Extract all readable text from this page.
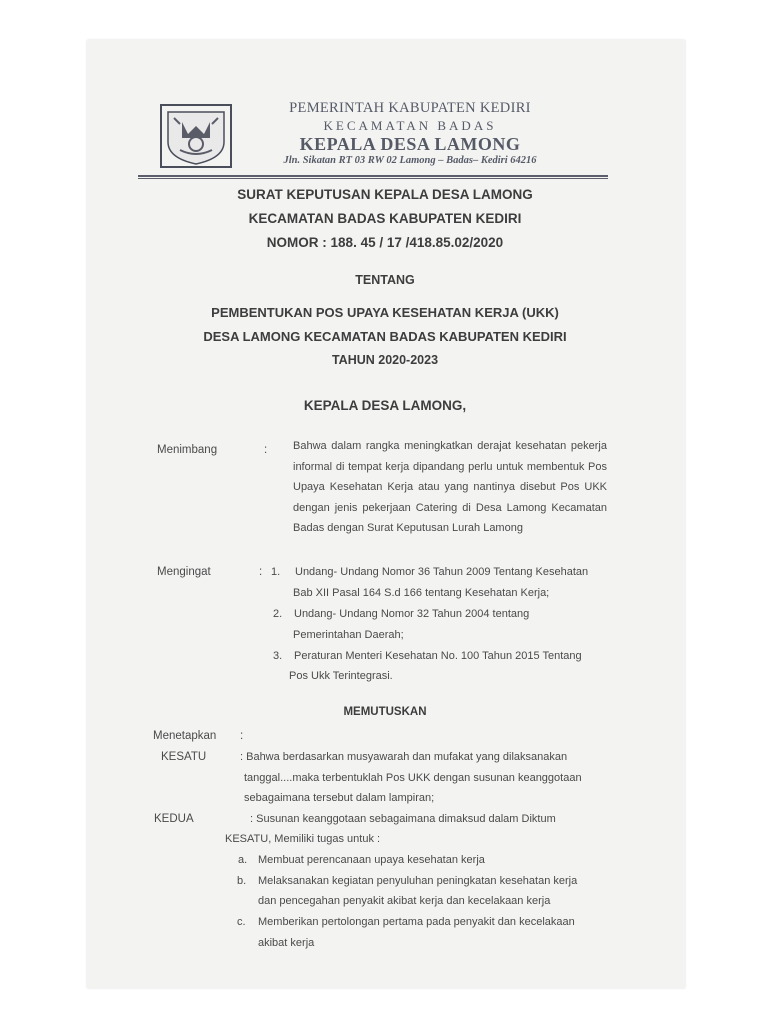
PEMERINTAH KABUPATEN KEDIRI
KECAMATAN BADAS
KEPALA DESA LAMONG
Jln. Sikatan RT 03 RW 02 Lamong – Badas– Kediri 64216
SURAT KEPUTUSAN KEPALA DESA LAMONG
KECAMATAN BADAS KABUPATEN KEDIRI
NOMOR : 188. 45 / 17 /418.85.02/2020
TENTANG
PEMBENTUKAN POS UPAYA KESEHATAN KERJA (UKK)
DESA LAMONG KECAMATAN BADAS KABUPATEN KEDIRI
TAHUN 2020-2023
KEPALA DESA LAMONG,
Menimbang	: Bahwa dalam rangka meningkatkan derajat kesehatan pekerja informal di tempat kerja dipandang perlu untuk membentuk Pos Upaya Kesehatan Kerja atau yang nantinya disebut Pos UKK dengan jenis pekerjaan Catering di Desa Lamong Kecamatan Badas dengan Surat Keputusan Lurah Lamong
Mengingat	: 1. Undang- Undang Nomor 36 Tahun 2009 Tentang Kesehatan
Bab XII Pasal 164 S.d 166 tentang Kesehatan Kerja;
2. Undang- Undang Nomor 32 Tahun 2004 tentang
Pemerintahan Daerah;
3. Peraturan Menteri Kesehatan No. 100 Tahun 2015 Tentang
Pos Ukk Terintegrasi.
MEMUTUSKAN
Menetapkan :
KESATU	: Bahwa berdasarkan musyawarah dan mufakat yang dilaksanakan
tanggal....maka terbentuklah Pos UKK dengan susunan keanggotaan
sebagaimana tersebut dalam lampiran;
KEDUA	: Susunan keanggotaan sebagaimana dimaksud dalam Diktum
KESATU, Memiliki tugas untuk :
a. Membuat perencanaan upaya kesehatan kerja
b. Melaksanakan kegiatan penyuluhan peningkatan kesehatan kerja
dan pencegahan penyakit akibat kerja dan kecelakaan kerja
c. Memberikan pertolongan pertama pada penyakit dan kecelakaan
akibat kerja
